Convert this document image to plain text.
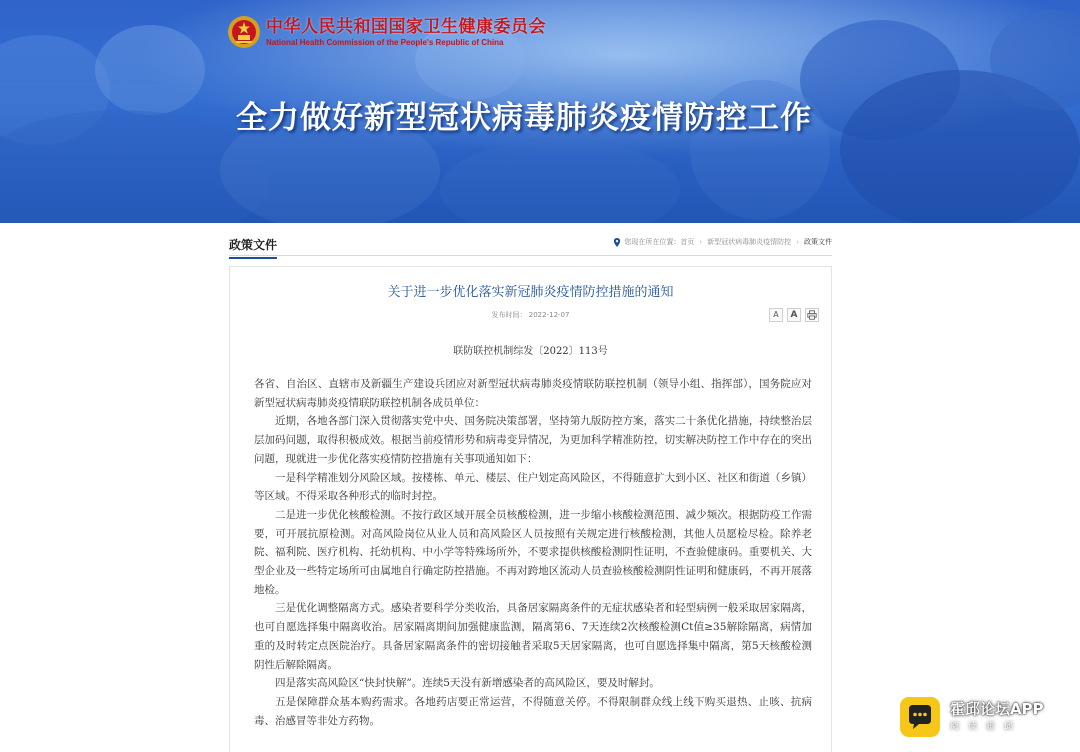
中华人民共和国国家卫生健康委员会
National Health Commission of the People's Republic of China
全力做好新型冠状病毒肺炎疫情防控工作
政策文件	您现在所在位置： 首页 › 新型冠状病毒肺炎疫情防控 › 政策文件
关于进一步优化落实新冠肺炎疫情防控措施的通知
发布时间： 2022-12-07	A	A
联防联控机制综发〔2022〕113号

各省、自治区、直辖市及新疆生产建设兵团应对新型冠状病毒肺炎疫情联防联控机制（领导小组、指挥部），国务院应对新型冠状病毒肺炎疫情联防联控机制各成员单位：

近期，各地各部门深入贯彻落实党中央、国务院决策部署，坚持第九版防控方案，落实二十条优化措施，持续整治层层加码问题，取得积极成效。根据当前疫情形势和病毒变异情况，为更加科学精准防控，切实解决防控工作中存在的突出问题，现就进一步优化落实疫情防控措施有关事项通知如下：

一是科学精准划分风险区域。按楼栋、单元、楼层、住户划定高风险区，不得随意扩大到小区、社区和街道（乡镇）等区域。不得采取各种形式的临时封控。

二是进一步优化核酸检测。不按行政区域开展全员核酸检测，进一步缩小核酸检测范围、减少频次。根据防疫工作需要，可开展抗原检测。对高风险岗位从业人员和高风险区人员按照有关规定进行核酸检测，其他人员愿检尽检。除养老院、福利院、医疗机构、托幼机构、中小学等特殊场所外，不要求提供核酸检测阴性证明，不查验健康码。重要机关、大型企业及一些特定场所可由属地自行确定防控措施。不再对跨地区流动人员查验核酸检测阴性证明和健康码，不再开展落地检。

三是优化调整隔离方式。感染者要科学分类收治，具备居家隔离条件的无症状感染者和轻型病例一般采取居家隔离，也可自愿选择集中隔离收治。居家隔离期间加强健康监测，隔离第6、7天连续2次核酸检测Ct值≥35解除隔离，病情加重的及时转定点医院治疗。具备居家隔离条件的密切接触者采取5天居家隔离，也可自愿选择集中隔离，第5天核酸检测阴性后解除隔离。

四是落实高风险区“快封快解”。连续5天没有新增感染者的高风险区，要及时解封。

五是保障群众基本购药需求。各地药店要正常运营，不得随意关停。不得限制群众线上线下购买退热、止咳、抗病毒、治感冒等非处方药物。

霍邱论坛APP
阅读霍邱
